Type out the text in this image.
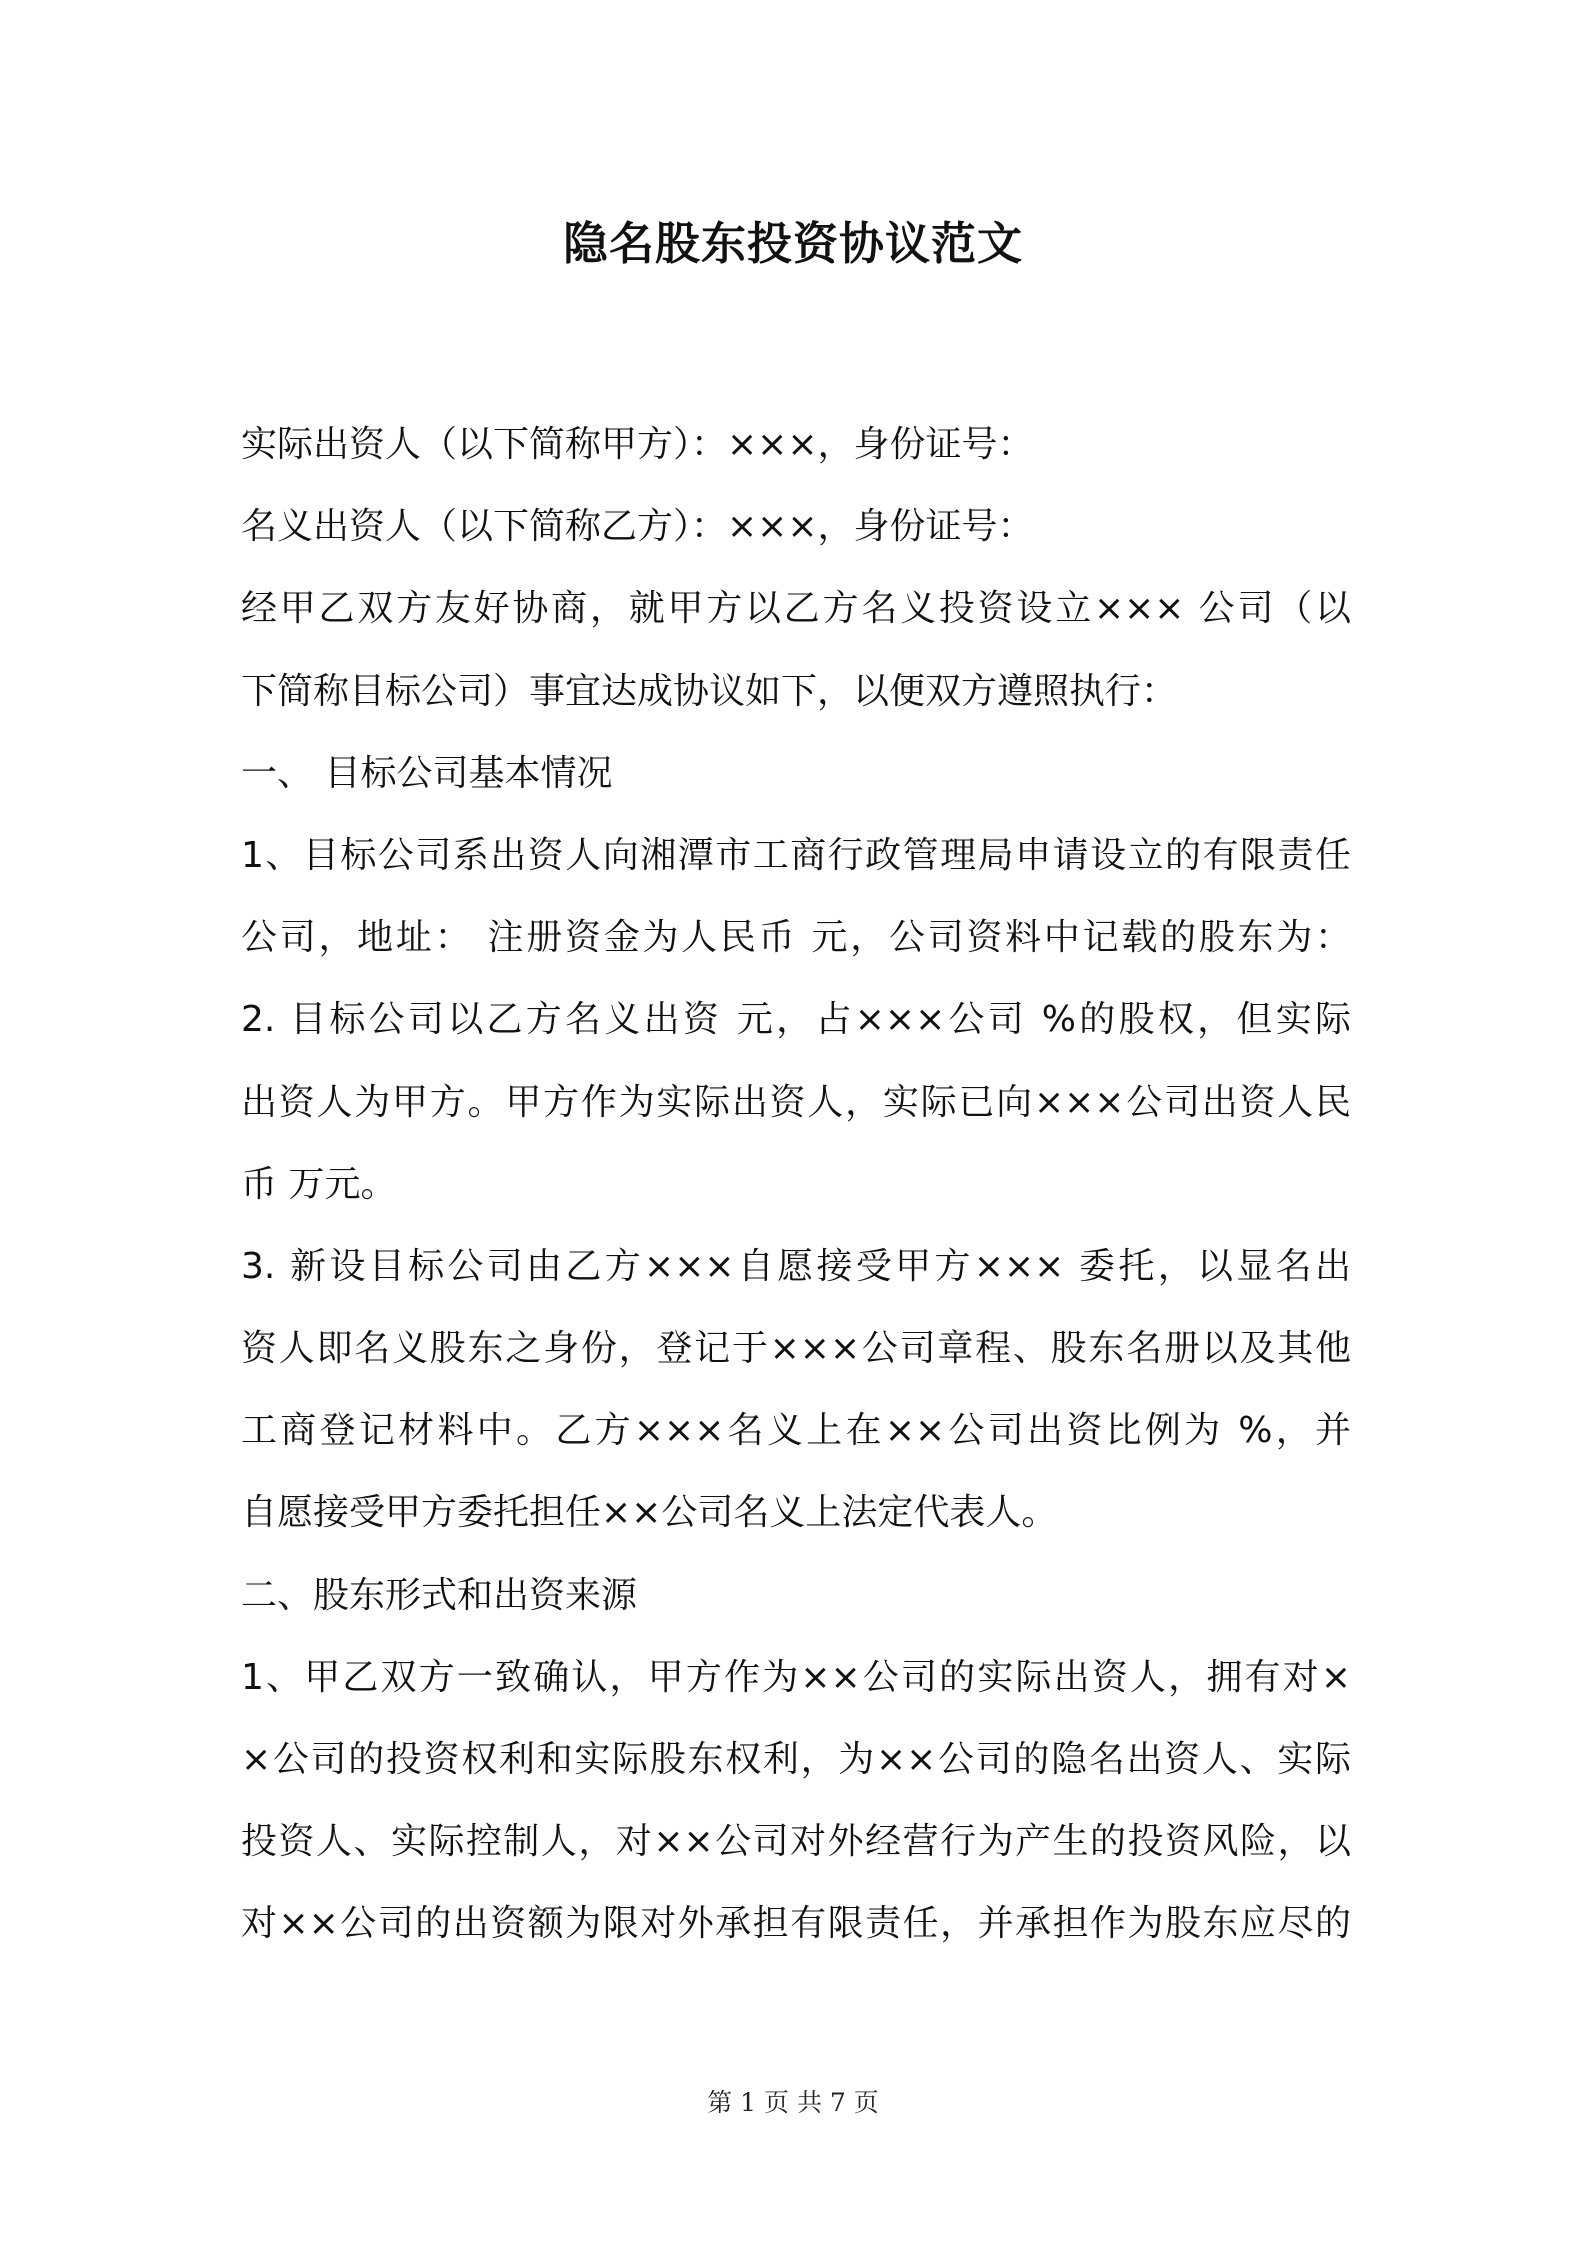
隐名股东投资协议范文
实际出资人（以下简称甲方）：×××，身份证号：
名义出资人（以下简称乙方）：×××，身份证号：
经甲乙双方友好协商，就甲方以乙方名义投资设立××× 公司（以
下简称目标公司）事宜达成协议如下，以便双方遵照执行：
一、 目标公司基本情况
1、目标公司系出资人向湘潭市工商行政管理局申请设立的有限责任
公司，地址： 注册资金为人民币 元，公司资料中记载的股东为：
2. 目标公司以乙方名义出资 元，占×××公司 %的股权，但实际
出资人为甲方。甲方作为实际出资人，实际已向×××公司出资人民
币 万元。
3. 新设目标公司由乙方×××自愿接受甲方××× 委托，以显名出
资人即名义股东之身份，登记于×××公司章程、股东名册以及其他
工商登记材料中。乙方×××名义上在××公司出资比例为 %，并
自愿接受甲方委托担任××公司名义上法定代表人。
二、股东形式和出资来源
1、甲乙双方一致确认，甲方作为××公司的实际出资人，拥有对×
×公司的投资权利和实际股东权利，为××公司的隐名出资人、实际
投资人、实际控制人，对××公司对外经营行为产生的投资风险，以
对××公司的出资额为限对外承担有限责任，并承担作为股东应尽的
第 1 页 共 7 页
